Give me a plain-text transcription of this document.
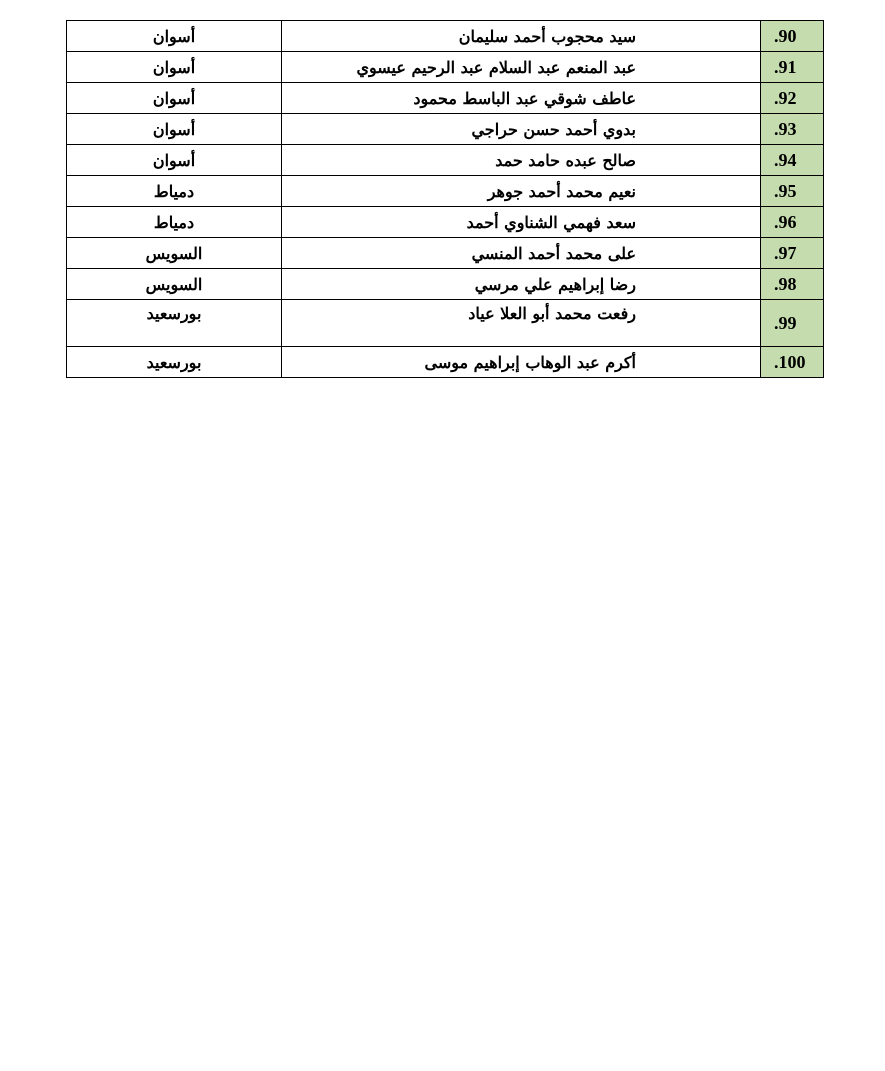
أسوان	سيد محجوب أحمد سليمان	.90
أسوان	عبد المنعم عبد السلام عبد الرحيم عيسوي	.91
أسوان	عاطف شوقي عبد الباسط محمود	.92
أسوان	بدوي أحمد حسن حراجي	.93
أسوان	صالح عبده حامد حمد	.94
دمياط	نعيم محمد أحمد جوهر	.95
دمياط	سعد فهمي الشناوي أحمد	.96
السويس	على محمد أحمد المنسي	.97
السويس	رضا إبراهيم علي مرسي	.98
بورسعيد	رفعت محمد أبو العلا عياد	.99
بورسعيد	أكرم عبد الوهاب إبراهيم موسى	.100
